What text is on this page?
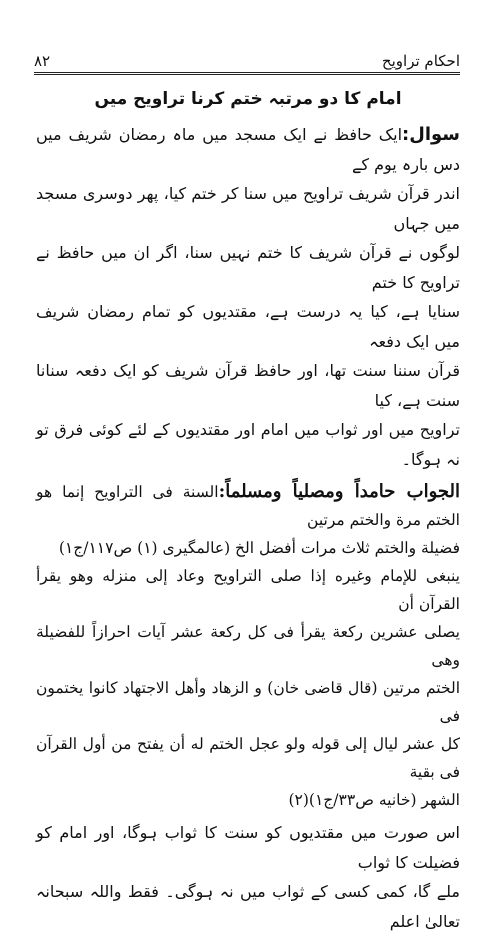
احکام تراویح
۸۲
امام کا دو مرتبہ ختم کرنا تراویح میں

سوال:ایک حافظ نے ایک مسجد میں ماہ رمضان شریف میں دس بارہ یوم کے

اندر قرآن شریف تراویح میں سنا کر ختم کیا، پھر دوسری مسجد میں جہاں

لوگوں نے قرآن شریف کا ختم نہیں سنا، اگر ان میں حافظ نے تراویح کا ختم

سنایا ہے، کیا یہ درست ہے، مقتدیوں کو تمام رمضان شریف میں ایک دفعہ

قرآن سننا سنت تھا، اور حافظ قرآن شریف کو ایک دفعہ سنانا سنت ہے، کیا

تراویح میں اور ثواب میں امام اور مقتدیوں کے لئے کوئی فرق تو نہ ہوگا۔

الجواب حامداً ومصلیاً ومسلماً:السنة فی التراویح إنما هو الختم مرة والختم مرتین

فضیلة والختم ثلاث مرات أفضل الخ (عالمگیری (۱) ص۱۱۷/ج۱)

ینبغی للإمام وغیره إذا صلی التراویح وعاد إلی منزله وهو یقرأ القرآن أن

یصلی عشرین رکعة یقرأ فی کل رکعة عشر آیات احرازاً للفضیلة وهی

الختم مرتین (قال قاضی خان) و الزهاد وأهل الاجتهاد كانوا یختمون فی

کل عشر لیال إلی قوله ولو عجل الختم له أن یفتح من أول القرآن فی بقیة

الشهر (خانیه ص۳۳/ج۱)(۲)

اس صورت میں مقتدیوں کو سنت کا ثواب ہوگا، اور امام کو فضیلت کا ثواب

ملے گا، کمی کسی کے ثواب میں نہ ہوگی۔ فقط واللہ سبحانہ تعالیٰ اعلم
